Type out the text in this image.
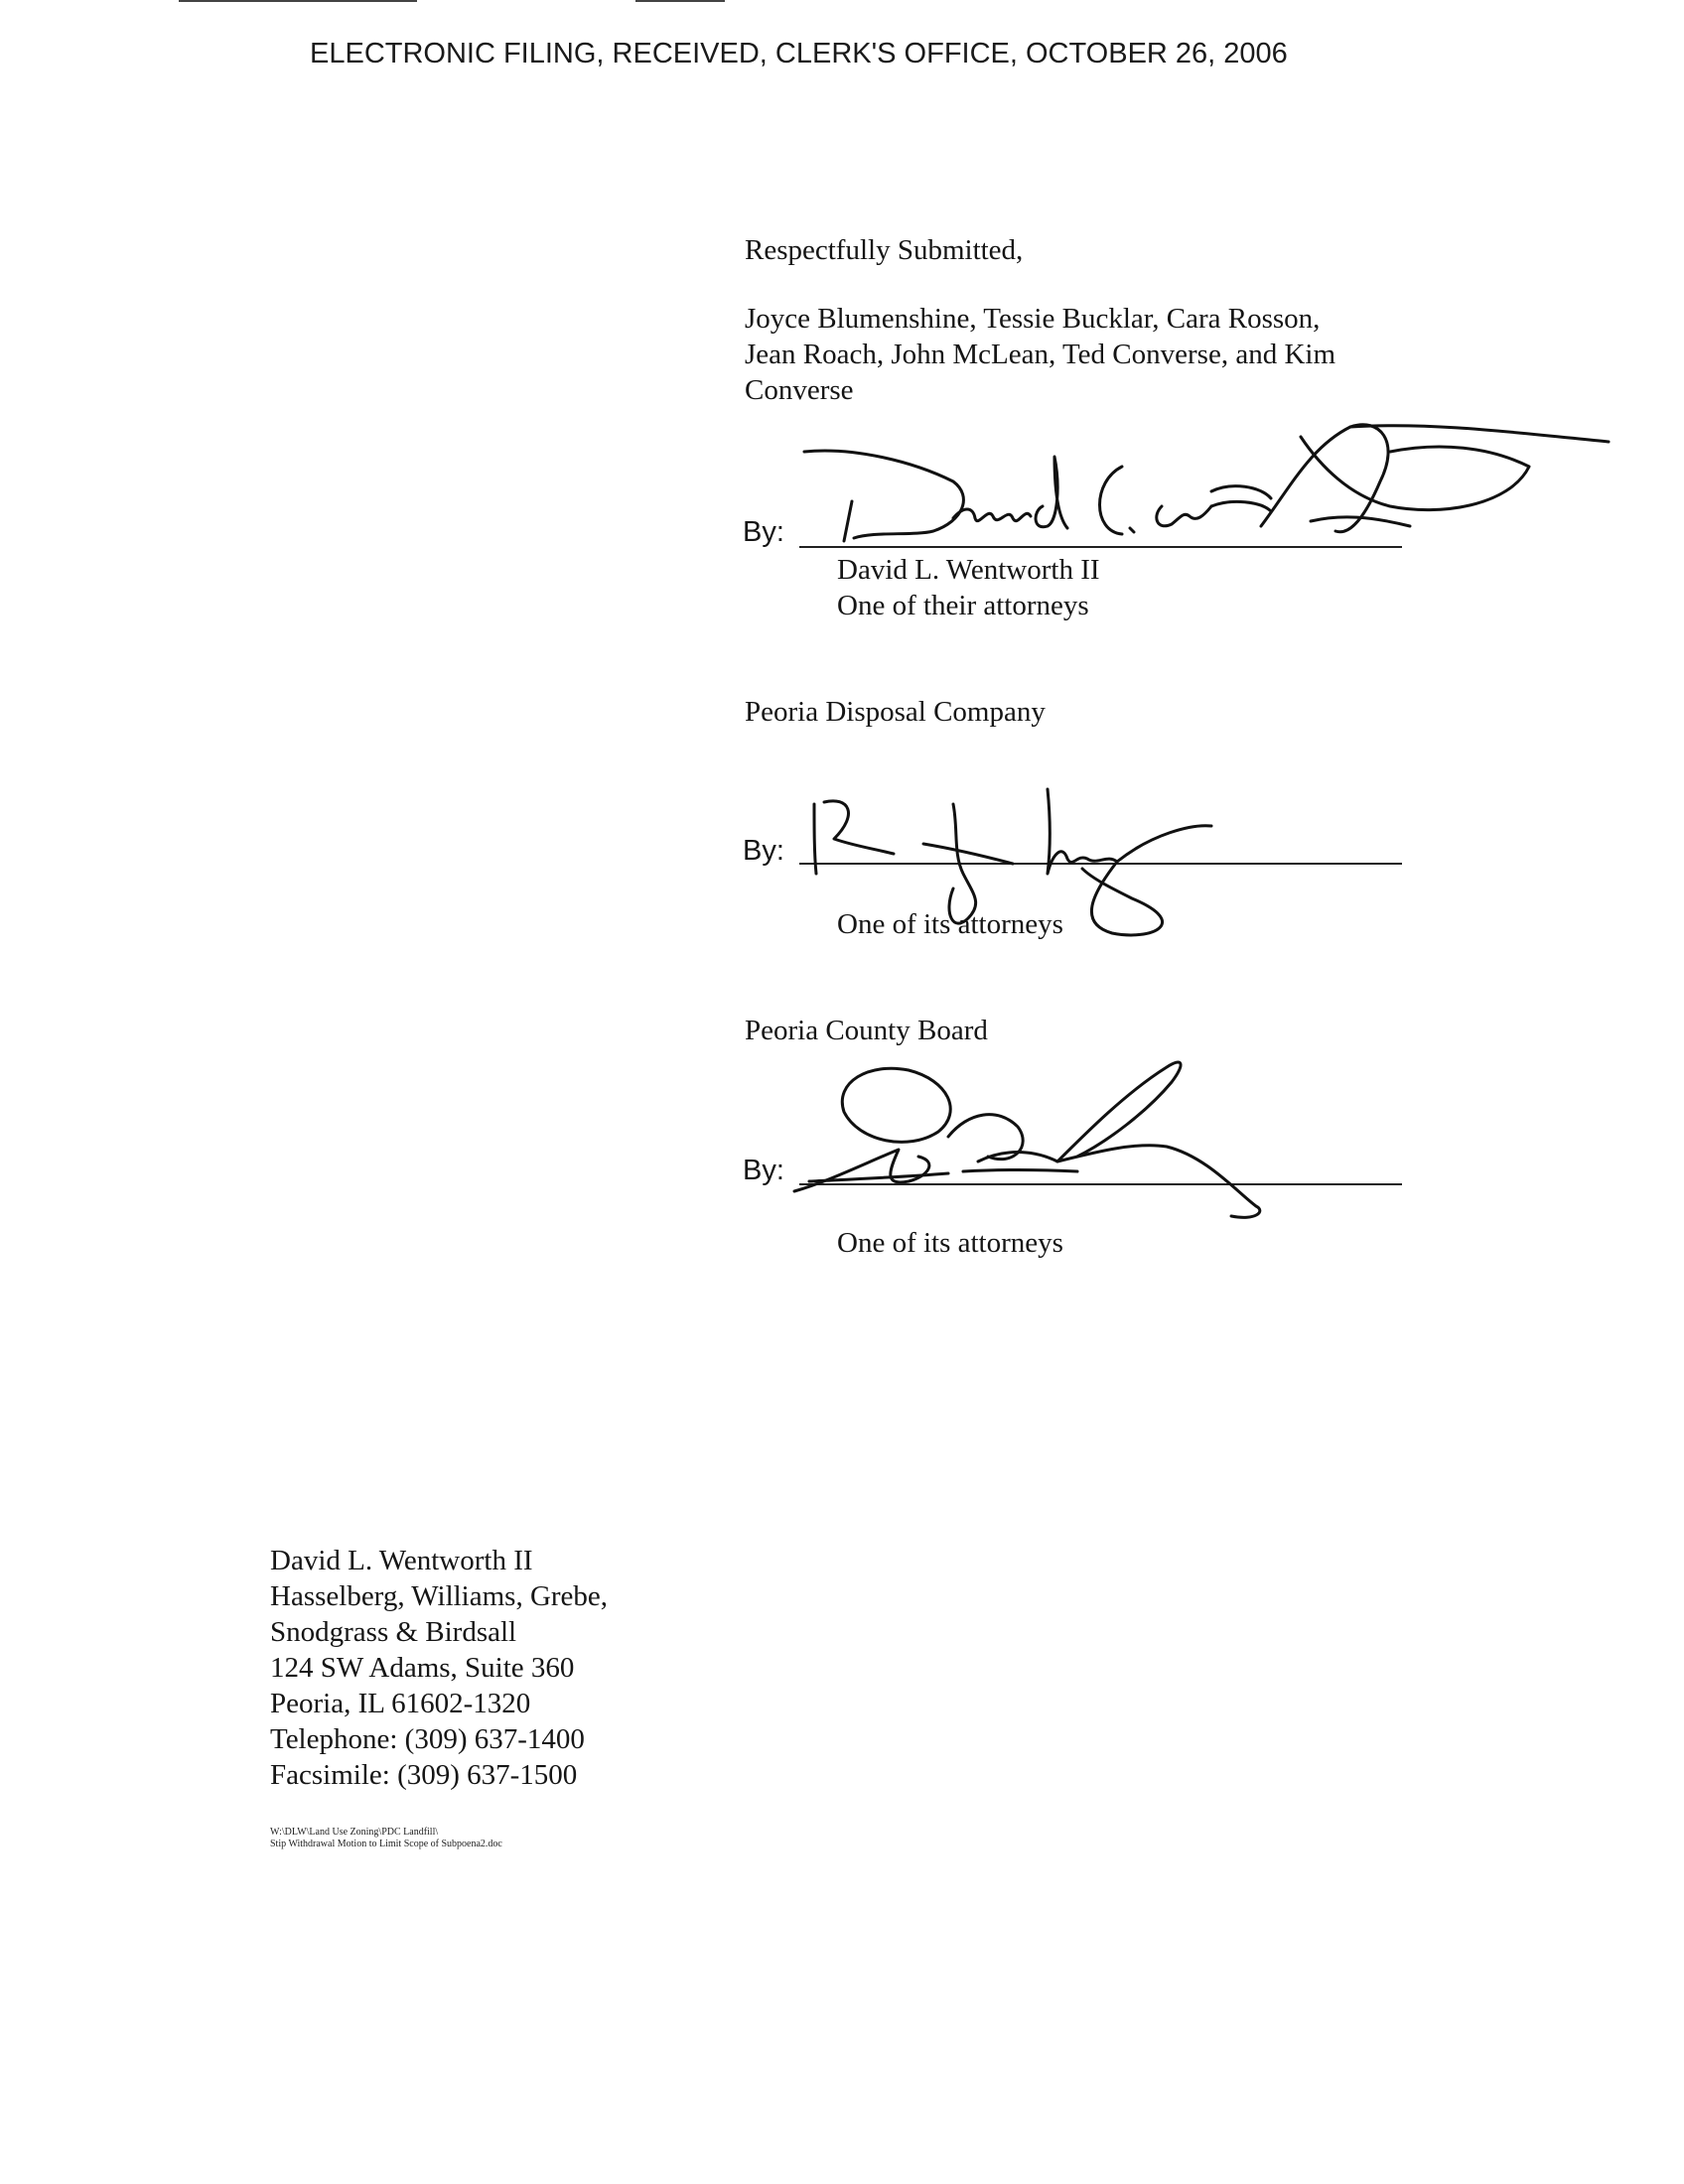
ELECTRONIC FILING, RECEIVED, CLERK'S OFFICE, OCTOBER 26, 2006
Respectfully Submitted,
Joyce Blumenshine, Tessie Bucklar, Cara Rosson,
Jean Roach, John McLean, Ted Converse, and Kim
Converse
By:
David L. Wentworth II
One of their attorneys
Peoria Disposal Company
By:
One of its attorneys
Peoria County Board
By:
One of its attorneys
David L. Wentworth II
Hasselberg, Williams, Grebe,
Snodgrass & Birdsall
124 SW Adams, Suite 360
Peoria, IL 61602-1320
Telephone: (309) 637-1400
Facsimile: (309) 637-1500
W:\DLW\Land Use Zoning\PDC Landfill\
Stip Withdrawal Motion to Limit Scope of Subpoena2.doc
